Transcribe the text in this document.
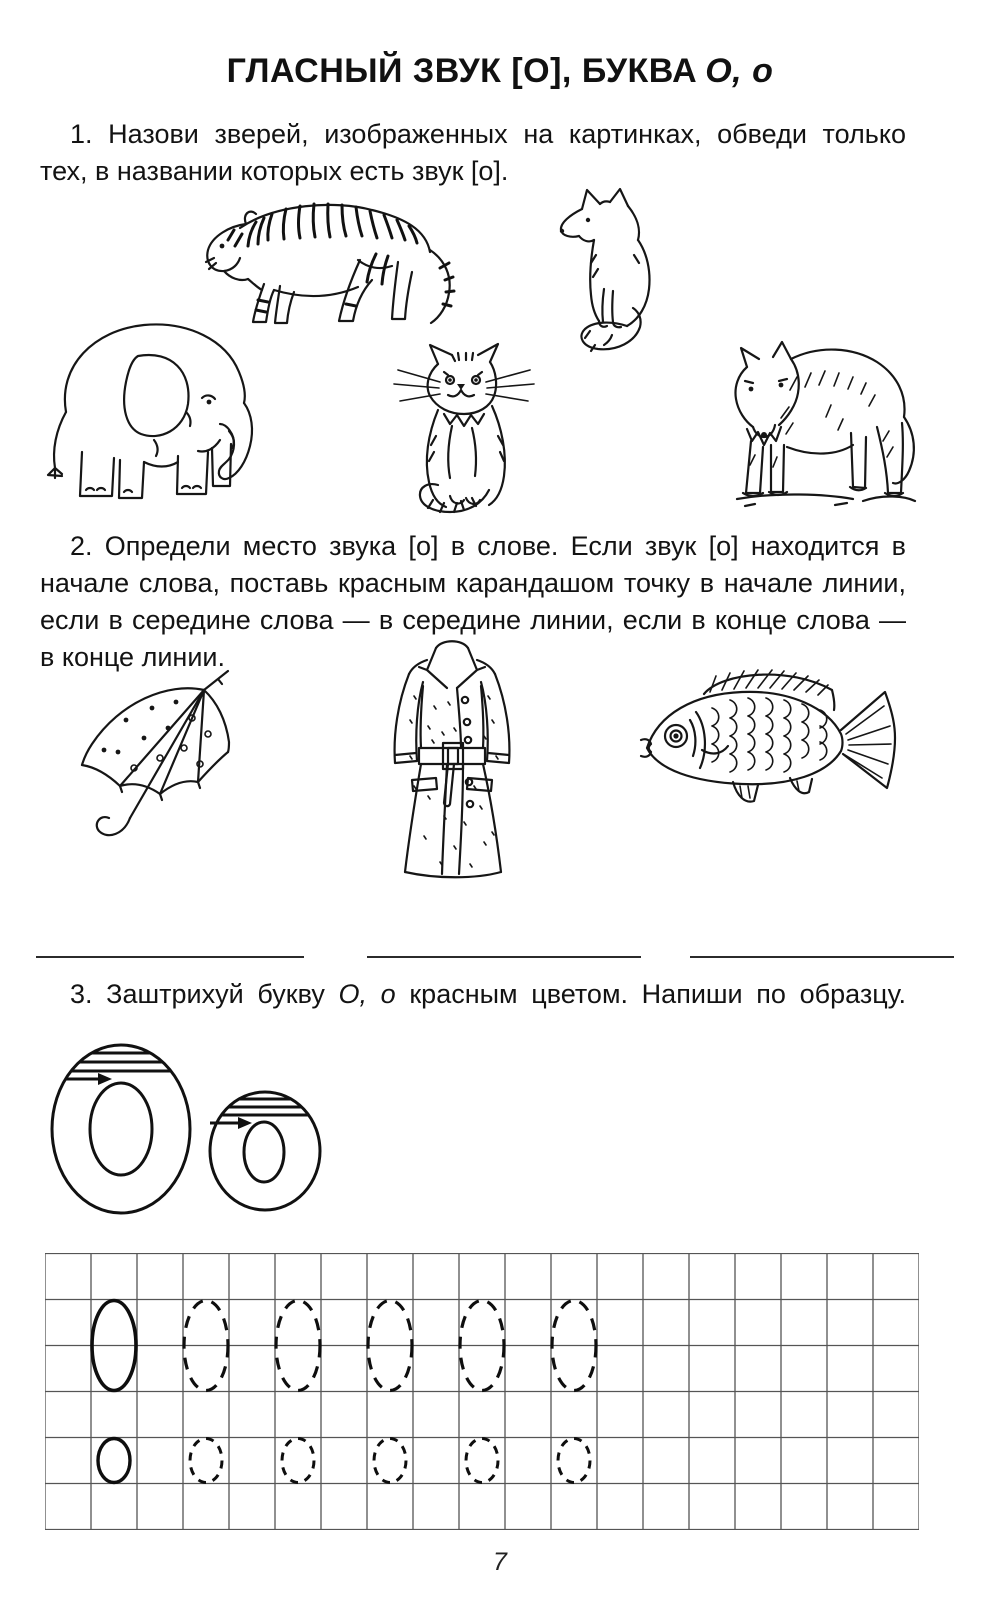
ГЛАСНЫЙ ЗВУК [О], БУКВА О, о
1. Назови зверей, изображенных на картинках, обведи только
тех, в названии которых есть звук [о].
2. Определи место звука [о] в слове. Если звук [о] находится в
начале слова, поставь красным карандашом точку в начале линии,
если в середине слова — в середине линии, если в конце слова —
в конце линии.
3. Заштрихуй букву О, о красным цветом. Напиши по образцу.
7
